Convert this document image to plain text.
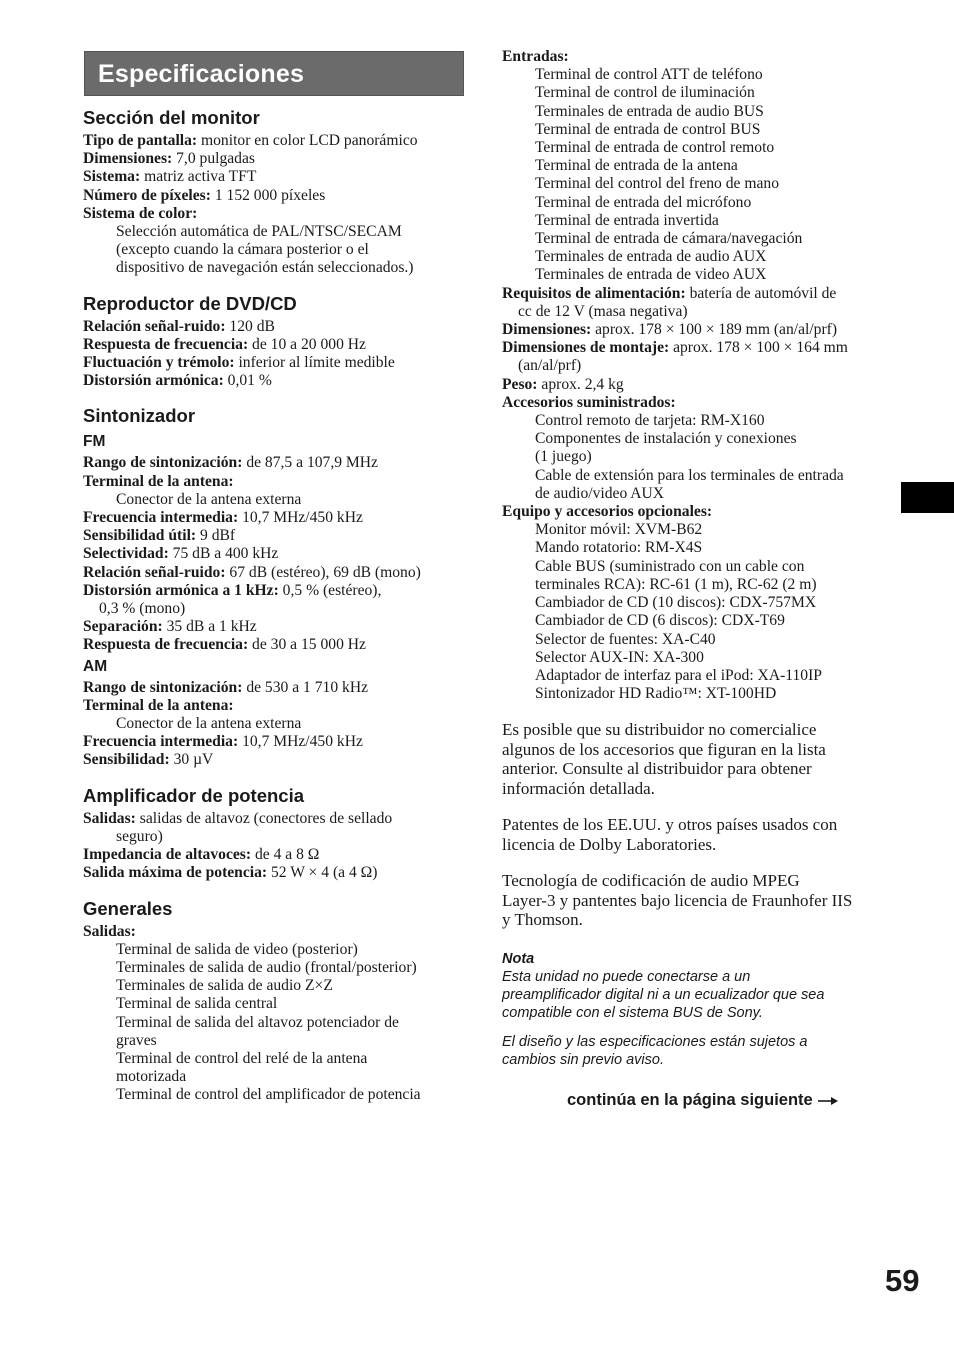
Especificaciones
Sección del monitor
Tipo de pantalla: monitor en color LCD panorámico
Dimensiones: 7,0 pulgadas
Sistema: matriz activa TFT
Número de píxeles: 1 152 000 píxeles
Sistema de color:
Selección automática de PAL/NTSC/SECAM
(excepto cuando la cámara posterior o el
dispositivo de navegación están seleccionados.)
Reproductor de DVD/CD
Relación señal-ruido: 120 dB
Respuesta de frecuencia: de 10 a 20 000 Hz
Fluctuación y trémolo: inferior al límite medible
Distorsión armónica: 0,01 %
Sintonizador
FM
Rango de sintonización: de 87,5 a 107,9 MHz
Terminal de la antena:
Conector de la antena externa
Frecuencia intermedia: 10,7 MHz/450 kHz
Sensibilidad útil: 9 dBf
Selectividad: 75 dB a 400 kHz
Relación señal-ruido: 67 dB (estéreo), 69 dB (mono)
Distorsión armónica a 1 kHz: 0,5 % (estéreo),
0,3 % (mono)
Separación: 35 dB a 1 kHz
Respuesta de frecuencia: de 30 a 15 000 Hz
AM
Rango de sintonización: de 530 a 1 710 kHz
Terminal de la antena:
Conector de la antena externa
Frecuencia intermedia: 10,7 MHz/450 kHz
Sensibilidad: 30 µV
Amplificador de potencia
Salidas: salidas de altavoz (conectores de sellado
seguro)
Impedancia de altavoces: de 4 a 8 Ω
Salida máxima de potencia: 52 W × 4 (a 4 Ω)
Generales
Salidas:
Terminal de salida de video (posterior)
Terminales de salida de audio (frontal/posterior)
Terminales de salida de audio Z×Z
Terminal de salida central
Terminal de salida del altavoz potenciador de
graves
Terminal de control del relé de la antena
motorizada
Terminal de control del amplificador de potencia
Entradas:
Terminal de control ATT de teléfono
Terminal de control de iluminación
Terminales de entrada de audio BUS
Terminal de entrada de control BUS
Terminal de entrada de control remoto
Terminal de entrada de la antena
Terminal del control del freno de mano
Terminal de entrada del micrófono
Terminal de entrada invertida
Terminal de entrada de cámara/navegación
Terminales de entrada de audio AUX
Terminales de entrada de video AUX
Requisitos de alimentación: batería de automóvil de
cc de 12 V (masa negativa)
Dimensiones: aprox. 178 × 100 × 189 mm (an/al/prf)
Dimensiones de montaje: aprox. 178 × 100 × 164 mm
(an/al/prf)
Peso: aprox. 2,4 kg
Accesorios suministrados:
Control remoto de tarjeta: RM-X160
Componentes de instalación y conexiones
(1 juego)
Cable de extensión para los terminales de entrada
de audio/video AUX
Equipo y accesorios opcionales:
Monitor móvil: XVM-B62
Mando rotatorio: RM-X4S
Cable BUS (suministrado con un cable con
terminales RCA): RC-61 (1 m), RC-62 (2 m)
Cambiador de CD (10 discos): CDX-757MX
Cambiador de CD (6 discos): CDX-T69
Selector de fuentes: XA-C40
Selector AUX-IN: XA-300
Adaptador de interfaz para el iPod: XA-110IP
Sintonizador HD Radio™: XT-100HD
Es posible que su distribuidor no comercialice
algunos de los accesorios que figuran en la lista
anterior. Consulte al distribuidor para obtener
información detallada.
Patentes de los EE.UU. y otros países usados con
licencia de Dolby Laboratories.
Tecnología de codificación de audio MPEG
Layer-3 y pantentes bajo licencia de Fraunhofer IIS
y Thomson.
Nota
Esta unidad no puede conectarse a un
preamplificador digital ni a un ecualizador que sea
compatible con el sistema BUS de Sony.
El diseño y las especificaciones están sujetos a
cambios sin previo aviso.
continúa en la página siguiente
59
